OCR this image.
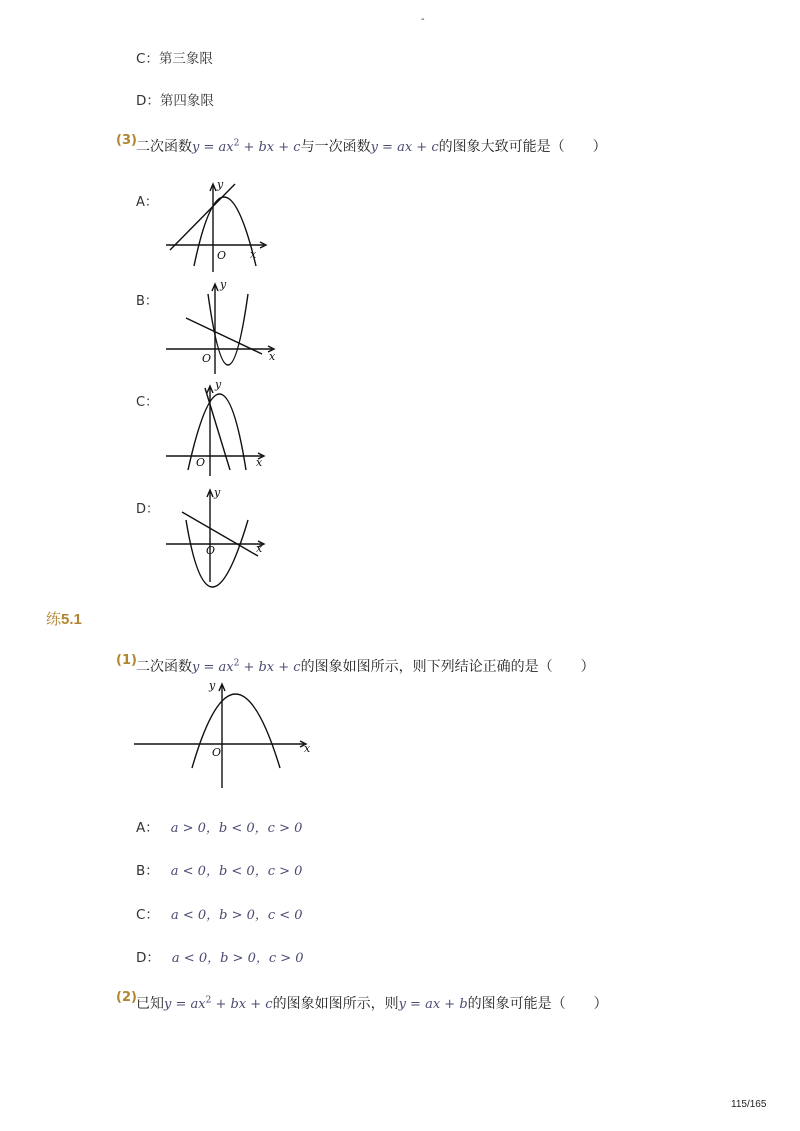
-
C：第三象限
D：第四象限
(3) 二次函数$y = ax^2$ + bx + c与一次函数y = ax + c的图象大致可能是（　　）
A：
x
y
O
B：
x
y
O
C：
x
y
O
D：
x
y
O
练5.1
(1) 二次函数$y = ax^2$ + bx + c的图象如图所示，则下列结论正确的是（　　）
x
y
O
A： a > 0，b < 0，c > 0
B： a < 0，b < 0，c > 0
C： a < 0，b > 0，c < 0
D： a < 0，b > 0，c > 0
(2) 已知$y = ax^2$ + bx + c的图象如图所示，则y = ax + b的图象可能是（　　）
115/165
